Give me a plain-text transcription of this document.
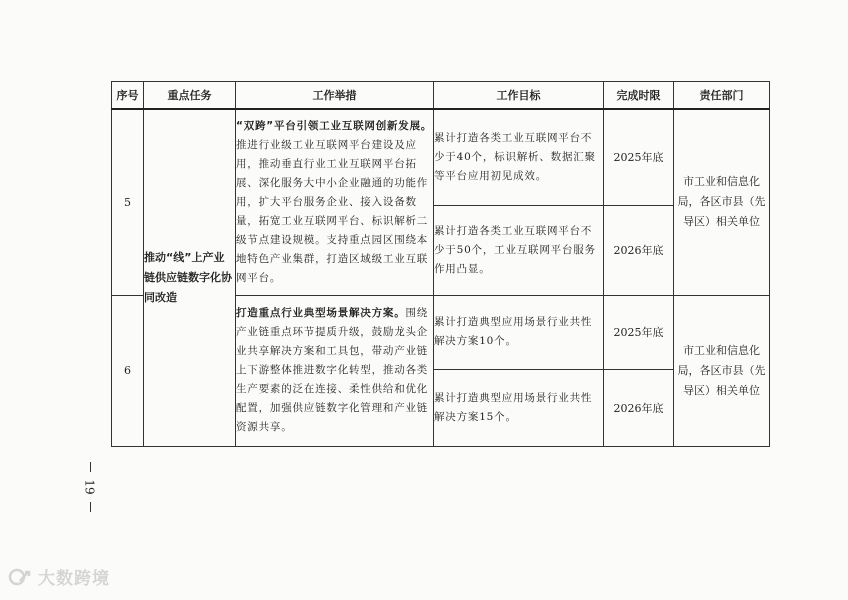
序号	重点任务	工作举措	工作目标	完成时限	责任部门
5	推动“线”上产业链供应链数字化协同改造	“双跨”平台引领工业互联网创新发展。推进行业级工业互联网平台建设及应用，推动垂直行业工业互联网平台拓展、深化服务大中小企业融通的功能作用，扩大平台服务企业、接入设备数量，拓宽工业互联网平台、标识解析二级节点建设规模。支持重点园区围绕本地特色产业集群，打造区域级工业互联网平台。	累计打造各类工业互联网平台不少于40个，标识解析、数据汇聚等平台应用初见成效。	2025年底	市工业和信息化局，各区市县（先导区）相关单位
			累计打造各类工业互联网平台不少于50个，工业互联网平台服务作用凸显。	2026年底	
6		打造重点行业典型场景解决方案。围绕产业链重点环节提质升级，鼓励龙头企业共享解决方案和工具包，带动产业链上下游整体推进数字化转型，推动各类生产要素的泛在连接、柔性供给和优化配置，加强供应链数字化管理和产业链资源共享。	累计打造典型应用场景行业共性解决方案10个。	2025年底	市工业和信息化局，各区市县（先导区）相关单位
			累计打造典型应用场景行业共性解决方案15个。	2026年底	
19
大数跨境
